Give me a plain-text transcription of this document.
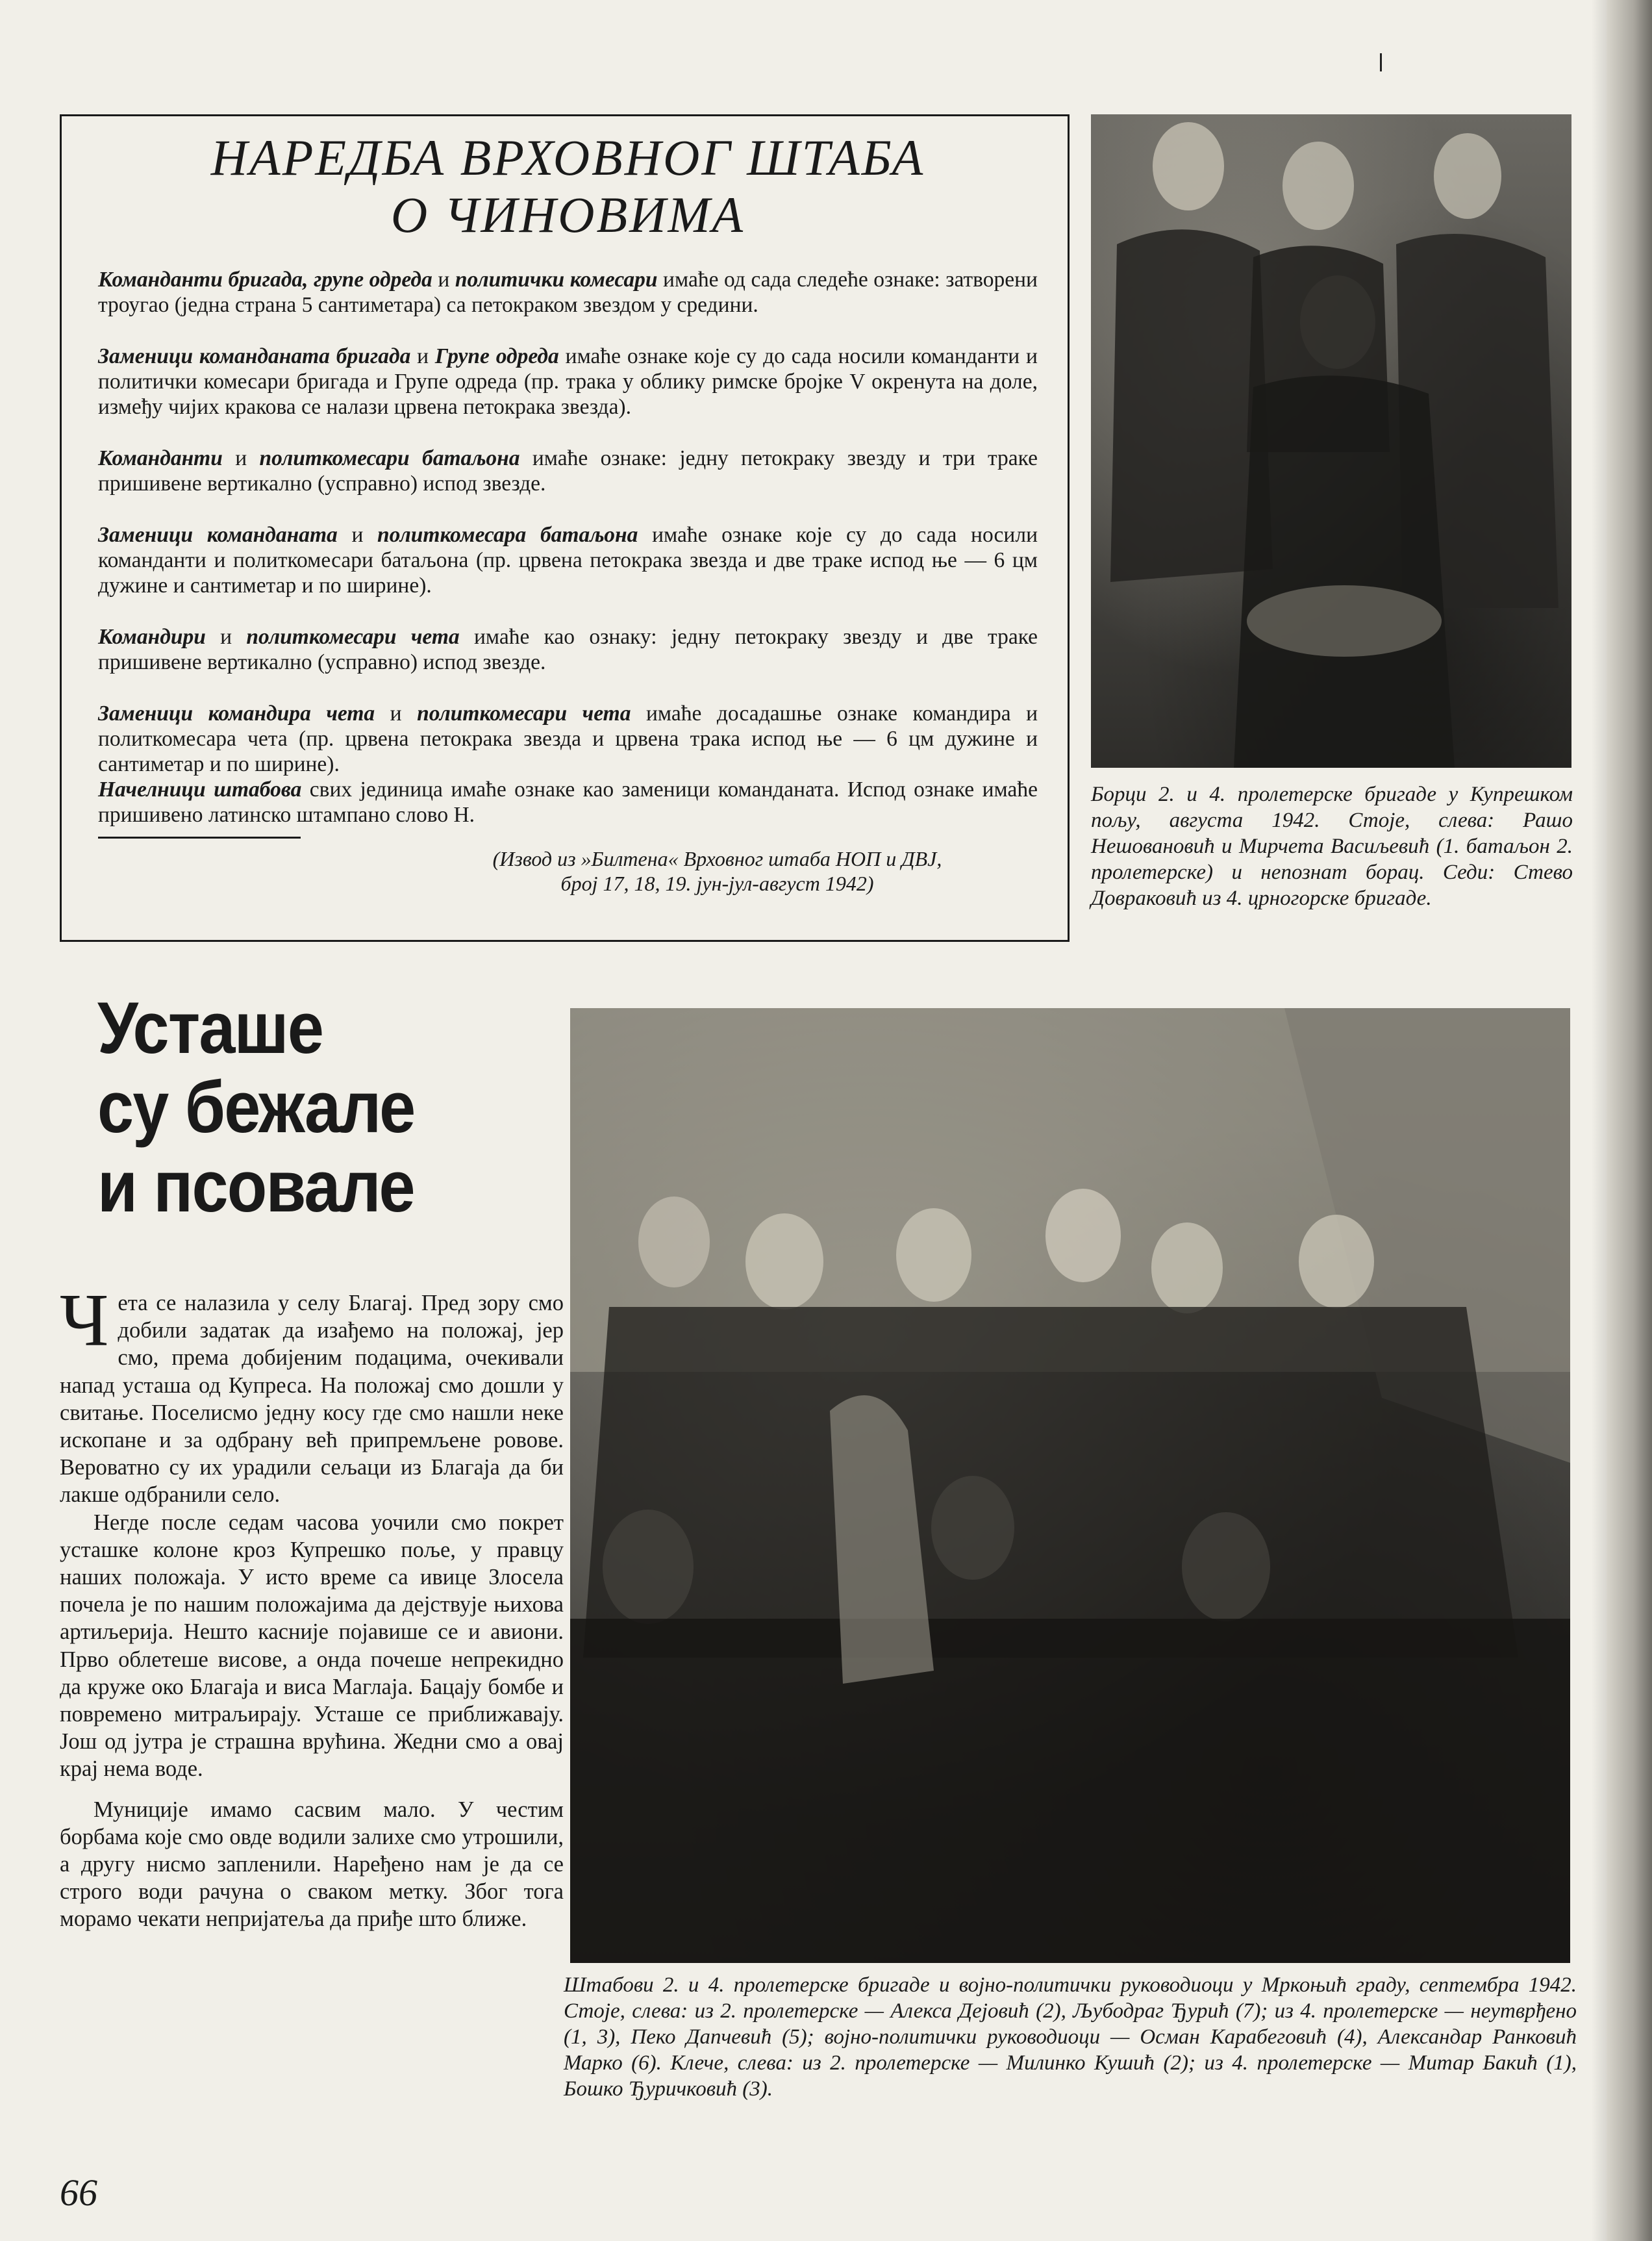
НАРЕДБА ВРХОВНОГ ШТАБА
О ЧИНОВИМА

Команданти бригада, групе одреда и политички комесари имаће од сада следеће ознаке: затворени троугао (једна страна 5 сантиметара) са петокраком звездом у средини.

Заменици команданата бригада и Групе одреда имаће ознаке које су до сада носили команданти и политички комесари бригада и Групе одреда (пр. трака у облику римске бројке V окренута на доле, између чијих кракова се налази црвена петокрака звезда).

Команданти и политкомесари батаљона имаће ознаке: једну петокраку звезду и три траке пришивене вертикално (усправно) испод звезде.

Заменици команданата и политкомесара батаљона имаће ознаке које су до сада носили команданти и политкомесари батаљона (пр. црвена петокрака звезда и две траке испод ње — 6 цм дужине и сантиметар и по ширине).

Командири и политкомесари чета имаће као ознаку: једну петокраку звезду и две траке пришивене вертикално (усправно) испод звезде.

Заменици командира чета и политкомесари чета имаће досадашње ознаке командира и политкомесара чета (пр. црвена петокрака звезда и црвена трака испод ње — 6 цм дужине и сантиметар и по ширине).

Начелници штабова свих јединица имаће ознаке као заменици команданата. Испод ознаке имаће пришивено латинско штампано слово Н.

(Извод из »Билтена« Врховног штаба НОП и ДВЈ,
број 17, 18, 19. јун-јул-август 1942)
Борци 2. и 4. пролетерске бригаде у Купрешком пољу, августа 1942. Стоје, слева: Рашо Нешовановић и Мирчета Васиљевић (1. батаљон 2. пролетерске) и непознат борац. Седи: Стево Довраковић из 4. црногорске бригаде.
Усташе
су бежале
и псовале
Штабови 2. и 4. пролетерске бригаде и војно-политички руководиоци у Мркоњић граду, септембра 1942. Стоје, слева: из 2. пролетерске — Алекса Дејовић (2), Љубодраг Ђурић (7); из 4. пролетерске — неутврђено (1, 3), Пеко Дапчевић (5); војно-политички руководиоци — Осман Карабеговић (4), Александар Ранковић Марко (6). Клече, слева: из 2. пролетерске — Милинко Кушић (2); из 4. пролетерске — Митар Бакић (1), Бошко Ђуричковић (3).

Чета се налазила у селу Благај. Пред зору смо добили задатак да изађемо на положај, јер смо, према добијеним подацима, очекивали напад усташа од Купреса. На положај смо дошли у свитање. Поселисмо једну косу где смо нашли неке ископане и за одбрану већ припремљене ровове. Вероватно су их урадили сељаци из Благаја да би лакше одбранили село.

Негде после седам часова уочили смо покрет усташке колоне кроз Купрешко поље, у правцу наших положаја. У исто време са ивице Злосела почела је по нашим положајима да дејствује њихова артиљерија. Нешто касније појавише се и авиони. Прво облетеше висове, а онда почеше непрекидно да круже око Благаја и виса Маглаја. Бацају бомбе и повремено митраљирају. Усташе се приближавају. Још од јутра је страшна врућина. Жедни смо а овај крај нема воде.

Муниције имамо сасвим мало. У честим борбама које смо овде водили залихе смо утрошили, а другу нисмо запленили. Наређено нам је да се строго води рачуна о сваком метку. Због тога морамо чекати непријатеља да приђе што ближе.

66
